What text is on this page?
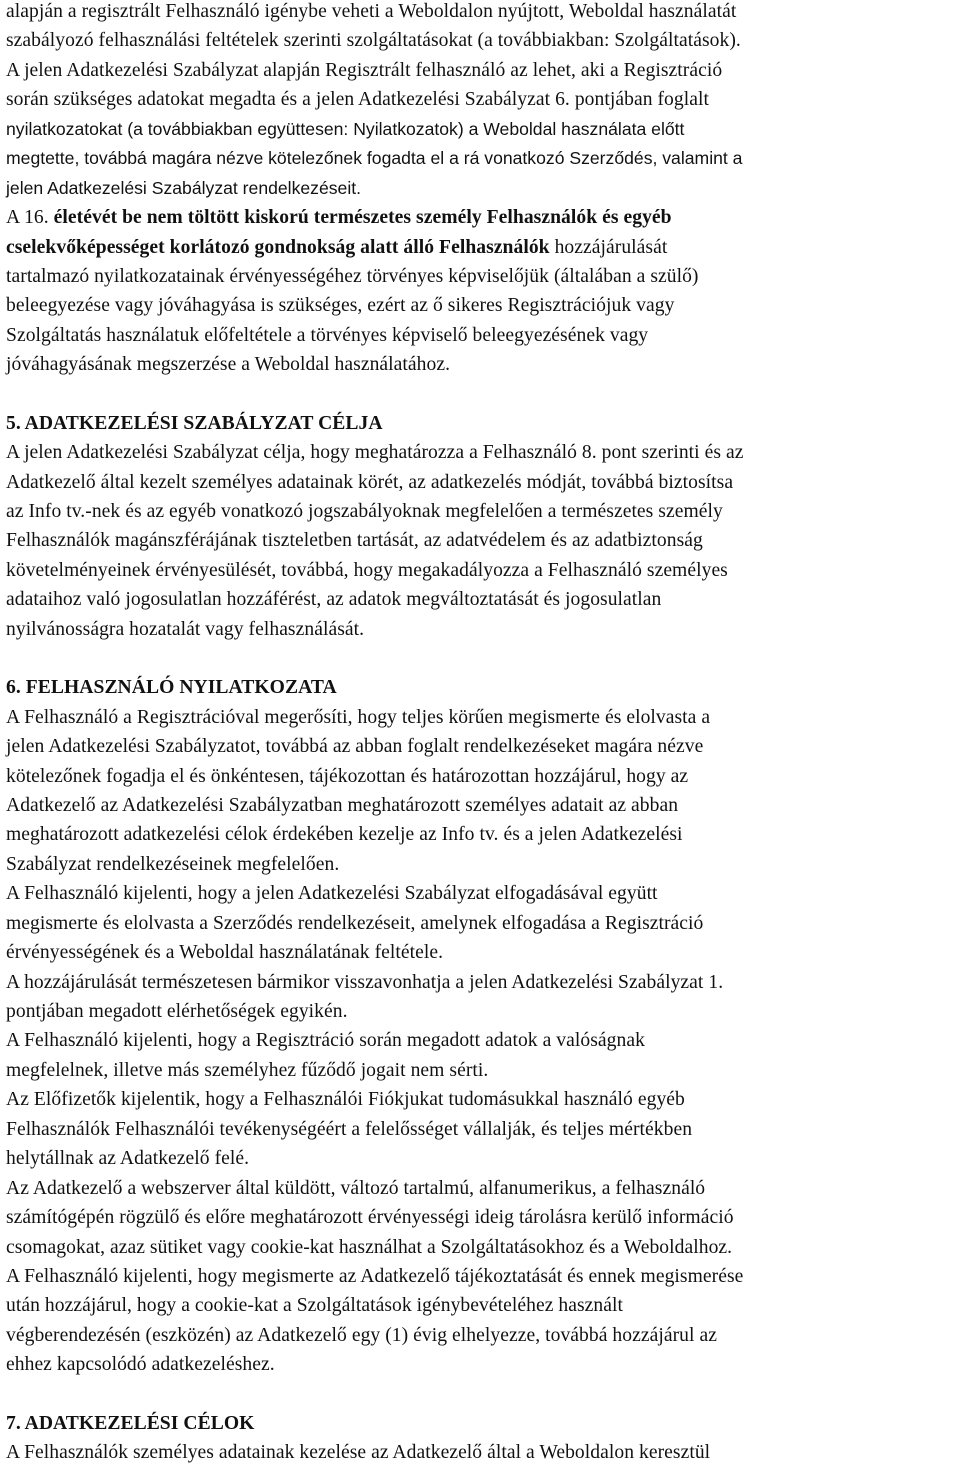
alapján a regisztrált Felhasználó igénybe veheti a Weboldalon nyújtott, Weboldal használatát
szabályozó felhasználási feltételek szerinti szolgáltatásokat (a továbbiakban: Szolgáltatások).
A jelen Adatkezelési Szabályzat alapján Regisztrált felhasználó az lehet, aki a Regisztráció
során szükséges adatokat megadta és a jelen Adatkezelési Szabályzat 6. pontjában foglalt
nyilatkozatokat (a továbbiakban együttesen: Nyilatkozatok) a Weboldal használata előtt
megtette, továbbá magára nézve kötelezőnek fogadta el a rá vonatkozó Szerződés, valamint a
jelen Adatkezelési Szabályzat rendelkezéseit.
A 16. életévét be nem töltött kiskorú természetes személy Felhasználók és egyéb
cselekvőképességet korlátozó gondnokság alatt álló Felhasználók hozzájárulását
tartalmazó nyilatkozatainak érvényességéhez törvényes képviselőjük (általában a szülő)
beleegyezése vagy jóváhagyása is szükséges, ezért az ő sikeres Regisztrációjuk vagy
Szolgáltatás használatuk előfeltétele a törvényes képviselő beleegyezésének vagy
jóváhagyásának megszerzése a Weboldal használatához.
5. ADATKEZELÉSI SZABÁLYZAT CÉLJA
A jelen Adatkezelési Szabályzat célja, hogy meghatározza a Felhasználó 8. pont szerinti és az
Adatkezelő által kezelt személyes adatainak körét, az adatkezelés módját, továbbá biztosítsa
az Info tv.-nek és az egyéb vonatkozó jogszabályoknak megfelelően a természetes személy
Felhasználók magánszférájának tiszteletben tartását, az adatvédelem és az adatbiztonság
követelményeinek érvényesülését, továbbá, hogy megakadályozza a Felhasználó személyes
adataihoz való jogosulatlan hozzáférést, az adatok megváltoztatását és jogosulatlan
nyilvánosságra hozatalát vagy felhasználását.
6. FELHASZNÁLÓ NYILATKOZATA
A Felhasználó a Regisztrációval megerősíti, hogy teljes körűen megismerte és elolvasta a
jelen Adatkezelési Szabályzatot, továbbá az abban foglalt rendelkezéseket magára nézve
kötelezőnek fogadja el és önkéntesen, tájékozottan és határozottan hozzájárul, hogy az
Adatkezelő az Adatkezelési Szabályzatban meghatározott személyes adatait az abban
meghatározott adatkezelési célok érdekében kezelje az Info tv. és a jelen Adatkezelési
Szabályzat rendelkezéseinek megfelelően.
A Felhasználó kijelenti, hogy a jelen Adatkezelési Szabályzat elfogadásával együtt
megismerte és elolvasta a Szerződés rendelkezéseit, amelynek elfogadása a Regisztráció
érvényességének és a Weboldal használatának feltétele.
A hozzájárulását természetesen bármikor visszavonhatja a jelen Adatkezelési Szabályzat 1.
pontjában megadott elérhetőségek egyikén.
A Felhasználó kijelenti, hogy a Regisztráció során megadott adatok a valóságnak
megfelelnek, illetve más személyhez fűződő jogait nem sérti.
Az Előfizetők kijelentik, hogy a Felhasználói Fiókjukat tudomásukkal használó egyéb
Felhasználók Felhasználói tevékenységéért a felelősséget vállalják, és teljes mértékben
helytállnak az Adatkezelő felé.
Az Adatkezelő a webszerver által küldött, változó tartalmú, alfanumerikus, a felhasználó
számítógépén rögzülő és előre meghatározott érvényességi ideig tárolásra kerülő információ
csomagokat, azaz sütiket vagy cookie-kat használhat a Szolgáltatásokhoz és a Weboldalhoz.
A Felhasználó kijelenti, hogy megismerte az Adatkezelő tájékoztatását és ennek megismerése
után hozzájárul, hogy a cookie-kat a Szolgáltatások igénybevételéhez használt
végberendezésén (eszközén) az Adatkezelő egy (1) évig elhelyezze, továbbá hozzájárul az
ehhez kapcsolódó adatkezeléshez.
7. ADATKEZELÉSI CÉLOK
A Felhasználók személyes adatainak kezelése az Adatkezelő által a Weboldalon keresztül
